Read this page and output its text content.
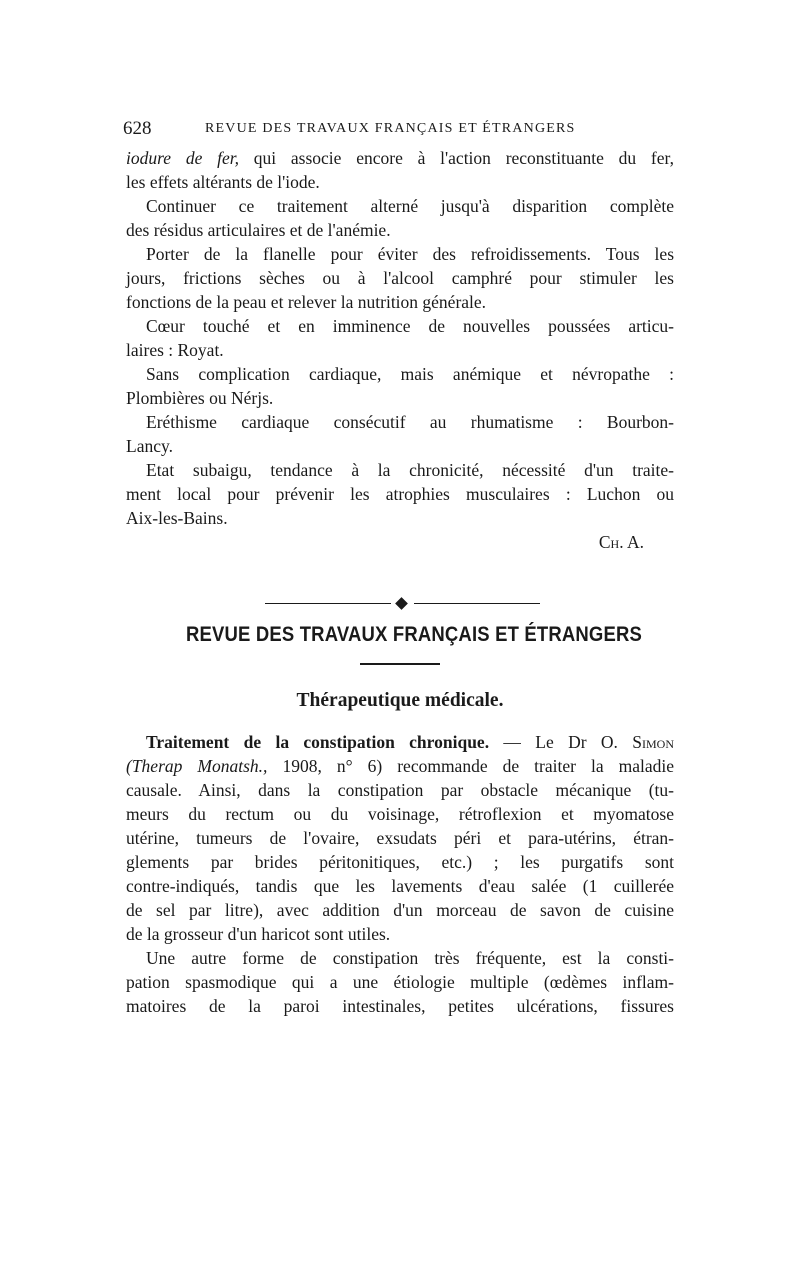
628	REVUE DES TRAVAUX FRANÇAIS ET ÉTRANGERS
iodure de fer, qui associe encore à l'action reconstituante du fer,
les effets altérants de l'iode.
Continuer ce traitement alterné jusqu'à disparition complète
des résidus articulaires et de l'anémie.
Porter de la flanelle pour éviter des refroidissements. Tous les
jours, frictions sèches ou à l'alcool camphré pour stimuler les
fonctions de la peau et relever la nutrition générale.
Cœur touché et en imminence de nouvelles poussées articu-
laires : Royat.
Sans complication cardiaque, mais anémique et névropathe :
Plombières ou Nérjs.
Eréthisme cardiaque consécutif au rhumatisme : Bourbon-
Lancy.
Etat subaigu, tendance à la chronicité, nécessité d'un traite-
ment local pour prévenir les atrophies musculaires : Luchon ou
Aix-les-Bains.
Ch. A.
REVUE DES TRAVAUX FRANÇAIS ET ÉTRANGERS
Thérapeutique médicale.
Traitement de la constipation chronique. — Le Dr O. Simon
(Therap Monatsh., 1908, n° 6) recommande de traiter la maladie
causale. Ainsi, dans la constipation par obstacle mécanique (tu-
meurs du rectum ou du voisinage, rétroflexion et myomatose
utérine, tumeurs de l'ovaire, exsudats péri et para-utérins, étran-
glements par brides péritonitiques, etc.) ; les purgatifs sont
contre-indiqués, tandis que les lavements d'eau salée (1 cuillerée
de sel par litre), avec addition d'un morceau de savon de cuisine
de la grosseur d'un haricot sont utiles.
Une autre forme de constipation très fréquente, est la consti-
pation spasmodique qui a une étiologie multiple (œdèmes inflam-
matoires de la paroi intestinales, petites ulcérations, fissures
